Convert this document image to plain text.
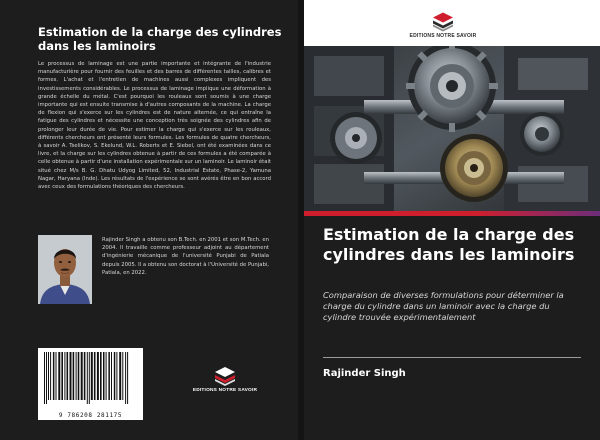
Estimation de la charge des cylindres dans les laminoirs

Le processus de laminage est une partie importante et intégrante de l'industrie manufacturière pour fournir des feuilles et des barres de différentes tailles, calibres et formes. L'achat et l'entretien de machines aussi complexes impliquent des investissements considérables. Le processus de laminage implique une déformation à grande échelle du métal. C'est pourquoi les rouleaux sont soumis à une charge importante qui est ensuite transmise à d'autres composants de la machine. La charge de flexion qui s'exerce sur les cylindres est de nature alternée, ce qui entraîne la fatigue des cylindres et nécessite une conception très soignée des cylindres afin de prolonger leur durée de vie. Pour estimer la charge qui s'exerce sur les rouleaux, différents chercheurs ont présenté leurs formules. Les formules de quatre chercheurs, à savoir A. Tselikov, S. Ekelund, W.L. Roberts et E. Siebel, ont été examinées dans ce livre, et la charge sur les cylindres obtenue à partir de ces formules a été comparée à celle obtenue à partir d'une installation expérimentale sur un laminoir. Le laminoir était situé chez M/s B. G. Dhatu Udyog Limited, 52, Industrial Estate, Phase-2, Yamuna Nagar, Haryana (Inde). Les résultats de l'expérience se sont avérés être en bon accord avec ceux des formulations théoriques des chercheurs.

Rajinder Singh a obtenu son B.Tech. en 2001 et son M.Tech. en 2004. Il travaille comme professeur adjoint au département d'ingénierie mécanique de l'université Punjabi de Patiala depuis 2005. Il a obtenu son doctorat à l'Université de Punjabi, Patiala, en 2022.

9 786208 281175
EDITIONS NOTRE SAVOIR
EDITIONS NOTRE SAVOIR
Estimation de la charge des cylindres dans les laminoirs

Comparaison de diverses formulations pour déterminer la charge du cylindre dans un laminoir avec la charge du cylindre trouvée expérimentalement

Rajinder Singh
